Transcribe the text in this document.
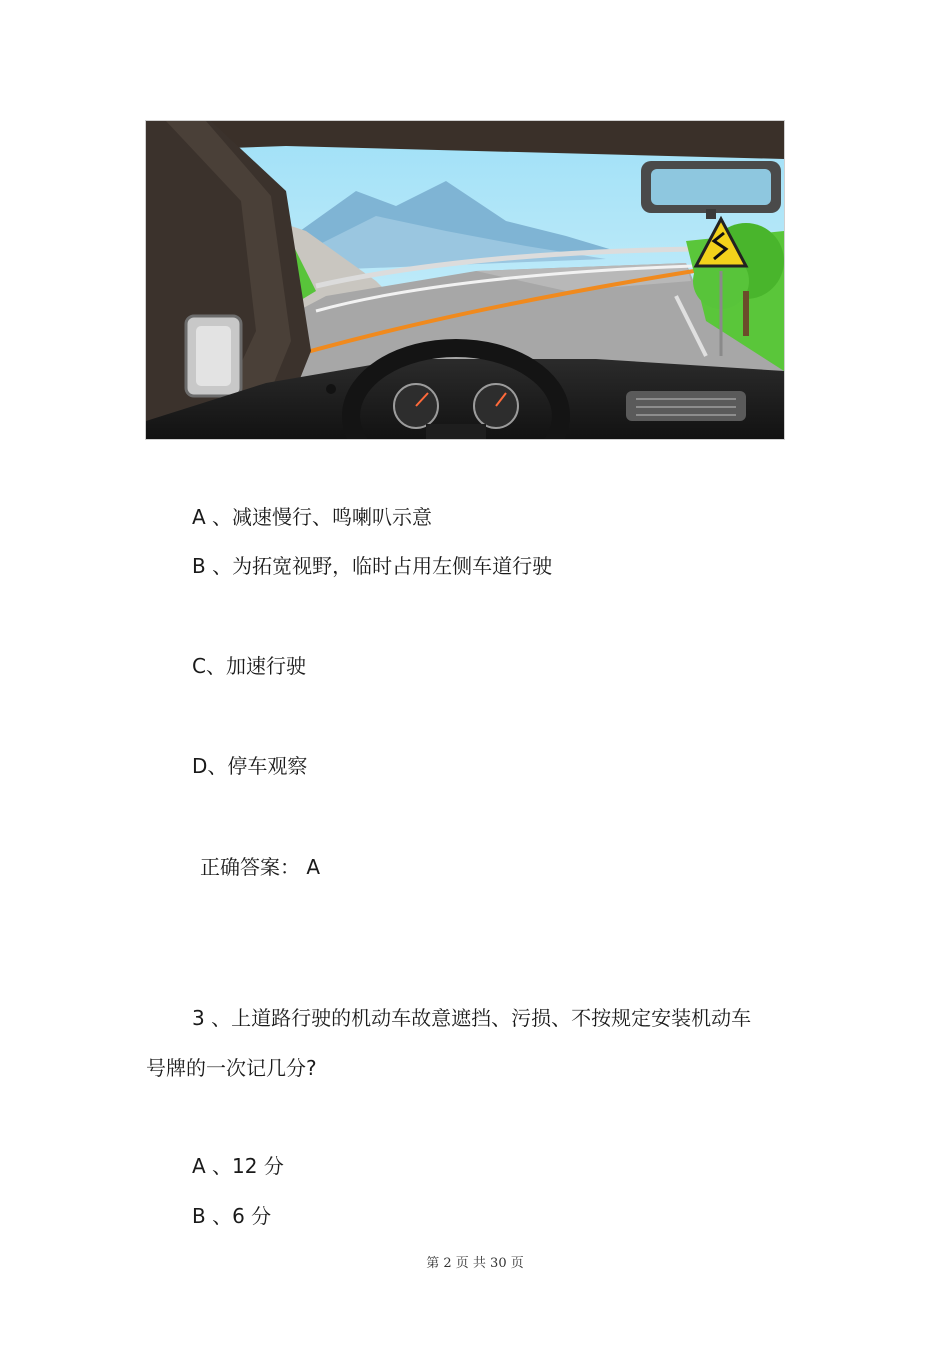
A 、减速慢行、鸣喇叭示意
B 、为拓宽视野，临时占用左侧车道行驶
C、加速行驶
D、停车观察
正确答案： A
3 、上道路行驶的机动车故意遮挡、污损、不按规定安装机动车
号牌的一次记几分?
A 、12 分
B 、6 分
第 2 页 共 30 页
